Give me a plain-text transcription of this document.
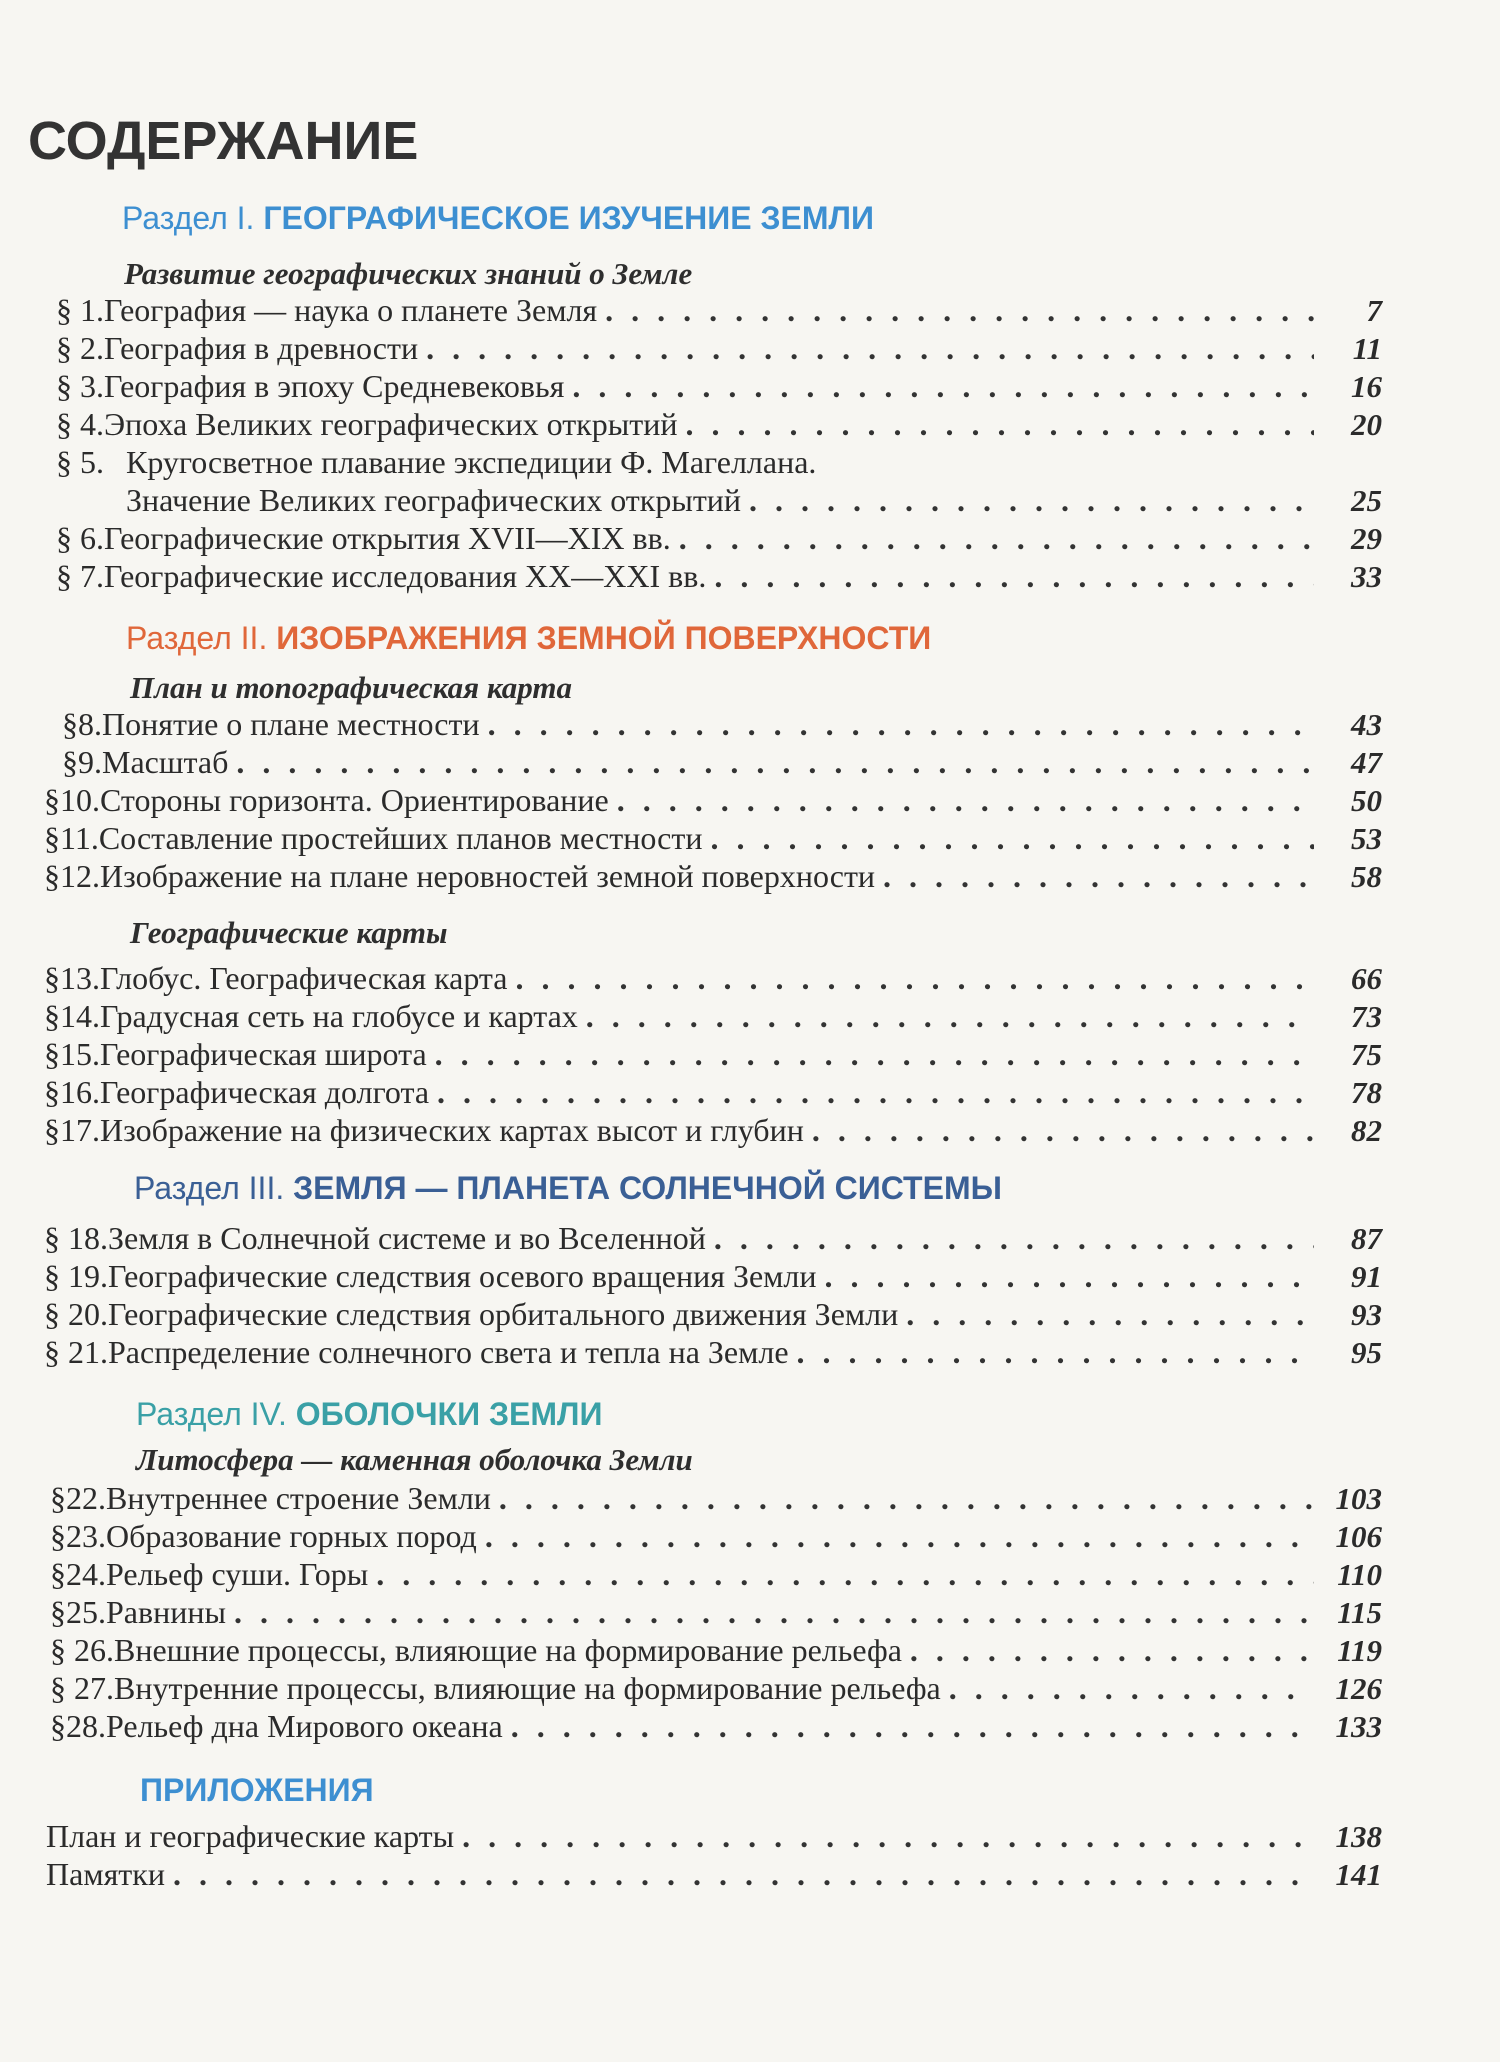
СОДЕРЖАНИЕ
Раздел I. ГЕОГРАФИЧЕСКОЕ ИЗУЧЕНИЕ ЗЕМЛИ
Развитие географических знаний о Земле
§ 1. География — наука о планете Земля . . .	7
§ 2. География в древности . . .	11
§ 3. География в эпоху Средневековья . . .	16
§ 4. Эпоха Великих географических открытий . . .	20
§ 5. Кругосветное плавание экспедиции Ф. Магеллана.
Значение Великих географических открытий . . .	25
§ 6. Географические открытия XVII—XIX вв. . . .	29
§ 7. Географические исследования XX—XXI вв. . . .	33
Раздел II. ИЗОБРАЖЕНИЯ ЗЕМНОЙ ПОВЕРХНОСТИ
План и топографическая карта
§8. Понятие о плане местности . . .	43
§9. Масштаб . . .	47
§10. Стороны горизонта. Ориентирование . . .	50
§11. Составление простейших планов местности . . .	53
§12. Изображение на плане неровностей земной поверхности . . .	58
Географические карты
§13. Глобус. Географическая карта . . .	66
§14. Градусная сеть на глобусе и картах . . .	73
§15. Географическая широта . . .	75
§16. Географическая долгота . . .	78
§17. Изображение на физических картах высот и глубин . . .	82
Раздел III. ЗЕМЛЯ — ПЛАНЕТА СОЛНЕЧНОЙ СИСТЕМЫ
§ 18. Земля в Солнечной системе и во Вселенной . . .	87
§ 19. Географические следствия осевого вращения Земли . . .	91
§ 20. Географические следствия орбитального движения Земли . . .	93
§ 21. Распределение солнечного света и тепла на Земле . . .	95
Раздел IV. ОБОЛОЧКИ ЗЕМЛИ
Литосфера — каменная оболочка Земли
§22. Внутреннее строение Земли . . .	103
§23. Образование горных пород . . .	106
§24. Рельеф суши. Горы . . .	110
§25. Равнины . . .	115
§ 26. Внешние процессы, влияющие на формирование рельефа . . .	119
§ 27. Внутренние процессы, влияющие на формирование рельефа . . .	126
§28. Рельеф дна Мирового океана . . .	133
ПРИЛОЖЕНИЯ
План и географические карты . . .	138
Памятки . . .	141
